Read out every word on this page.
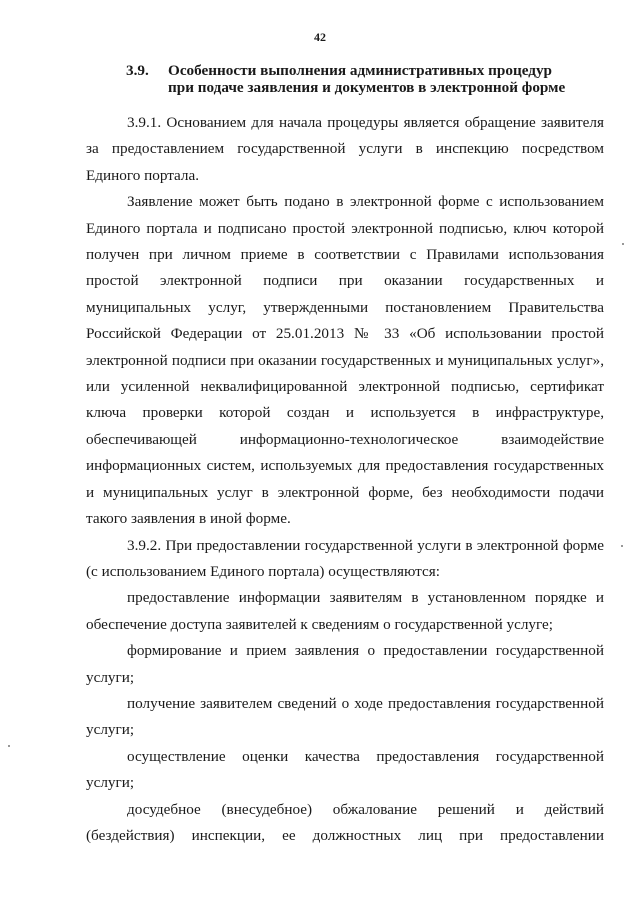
42
3.9. Особенности выполнения административных процедур
при подаче заявления и документов в электронной форме

3.9.1. Основанием для начала процедуры является обращение заявителя за предоставлением государственной услуги в инспекцию посредством Единого портала.

Заявление может быть подано в электронной форме с использованием Единого портала и подписано простой электронной подписью, ключ которой получен при личном приеме в соответствии с Правилами использования простой электронной подписи при оказании государственных и муниципальных услуг, утвержденными постановлением Правительства Российской Федерации от 25.01.2013 № 33 «Об использовании простой электронной подписи при оказании государственных и муниципальных услуг», или усиленной неквалифицированной электронной подписью, сертификат ключа проверки которой создан и используется в инфраструктуре, обеспечивающей информационно-технологическое взаимодействие информационных систем, используемых для предоставления государственных и муниципальных услуг в электронной форме, без необходимости подачи такого заявления в иной форме.

3.9.2. При предоставлении государственной услуги в электронной форме (с использованием Единого портала) осуществляются:

предоставление информации заявителям в установленном порядке и обеспечение доступа заявителей к сведениям о государственной услуге;

формирование и прием заявления о предоставлении государственной услуги;

получение заявителем сведений о ходе предоставления государственной услуги;

осуществление оценки качества предоставления государственной услуги;

досудебное (внесудебное) обжалование решений и действий (бездействия) инспекции, ее должностных лиц при предоставлении
